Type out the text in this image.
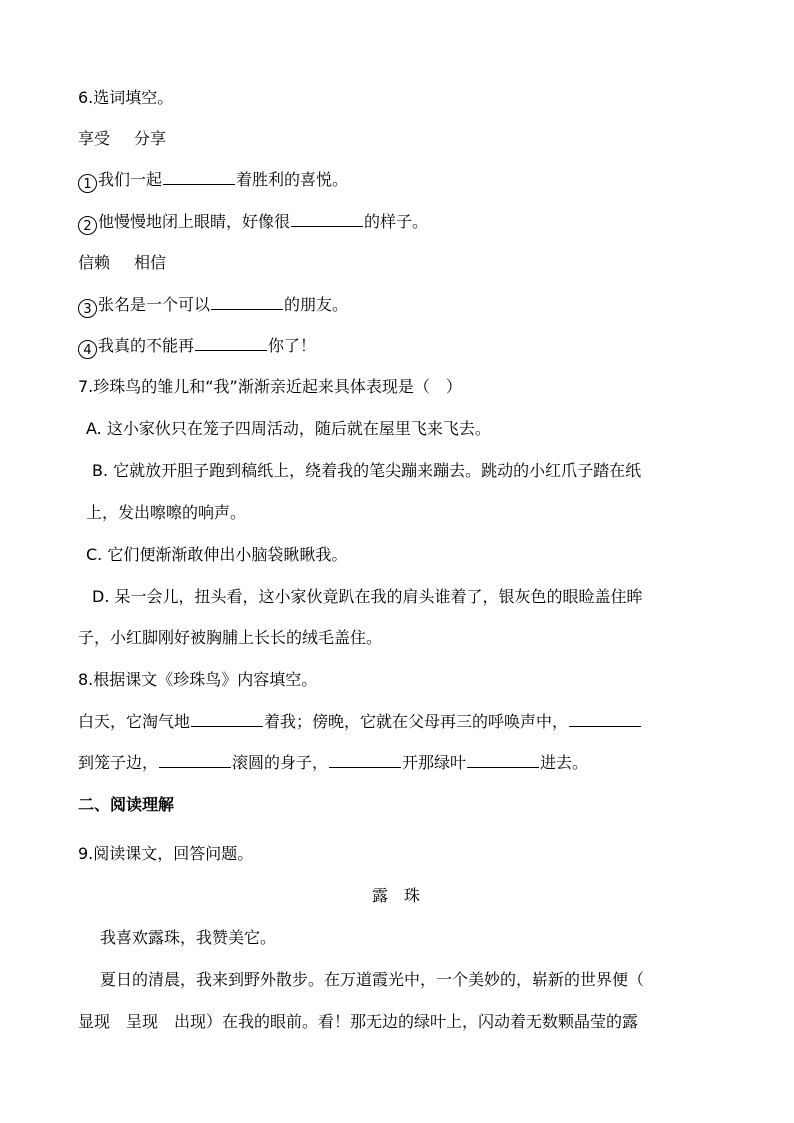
6.选词填空。
享受 分享
1 我们一起	着胜利的喜悦。
2 他慢慢地闭上眼睛，好像很	的样子。
信赖 相信
3 张名是一个可以	的朋友。
4 我真的不能再	你了！
7.珍珠鸟的雏儿和“我”渐渐亲近起来具体表现是（　）
A. 这小家伙只在笼子四周活动，随后就在屋里飞来飞去。
B. 它就放开胆子跑到稿纸上，绕着我的笔尖蹦来蹦去。跳动的小红爪子踏在纸
上，发出嚓嚓的响声。
C. 它们便渐渐敢伸出小脑袋瞅瞅我。
D. 呆一会儿，扭头看，这小家伙竟趴在我的肩头谁着了，银灰色的眼睑盖住眸
子，小红脚刚好被胸脯上长长的绒毛盖住。
8.根据课文《珍珠鸟》内容填空。
白天，它淘气地	着我；傍晚，它就在父母再三的呼唤声中，
到笼子边，	滚圆的身子，	开那绿叶	进去。
二、阅读理解
9.阅读课文，回答问题。
露　珠
我喜欢露珠，我赞美它。
夏日的清晨，我来到野外散步。在万道霞光中，一个美妙的，崭新的世界便（
显现　呈现　出现）在我的眼前。看！那无边的绿叶上，闪动着无数颗晶莹的露
